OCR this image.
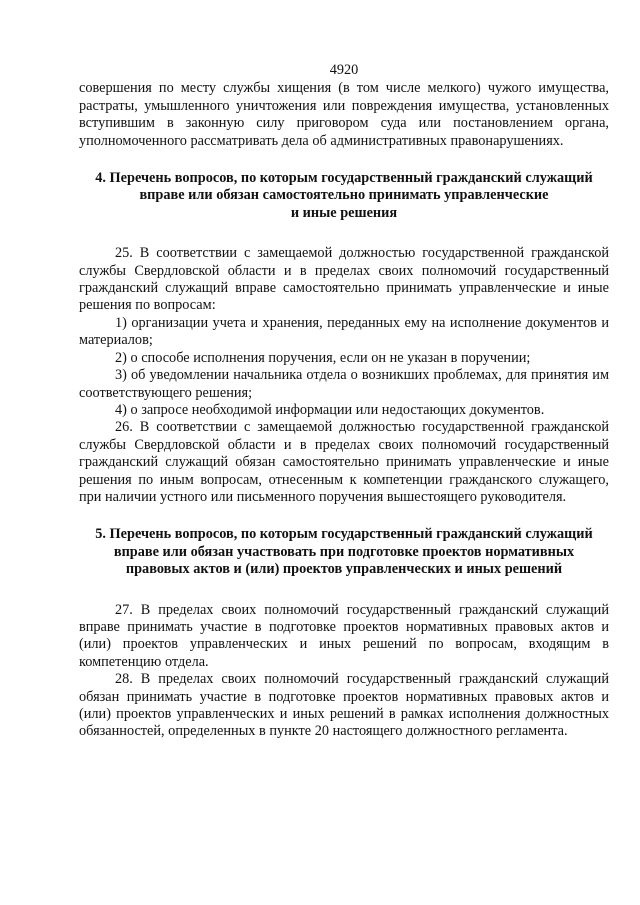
4920

совершения по месту службы хищения (в том числе мелкого) чужого имущества, растраты, умышленного уничтожения или повреждения имущества, установленных вступившим в законную силу приговором суда или постановлением органа, уполномоченного рассматривать дела об административных правонарушениях.

4. Перечень вопросов, по которым государственный гражданский служащий
вправе или обязан самостоятельно принимать управленческие
и иные решения

25. В соответствии с замещаемой должностью государственной гражданской службы Свердловской области и в пределах своих полномочий государственный гражданский служащий вправе самостоятельно принимать управленческие и иные решения по вопросам:

1) организации учета и хранения, переданных ему на исполнение документов и материалов;

2) о способе исполнения поручения, если он не указан в поручении;

3) об уведомлении начальника отдела о возникших проблемах, для принятия им соответствующего решения;

4) о запросе необходимой информации или недостающих документов.

26. В соответствии с замещаемой должностью государственной гражданской службы Свердловской области и в пределах своих полномочий государственный гражданский служащий обязан самостоятельно принимать управленческие и иные решения по иным вопросам, отнесенным к компетенции гражданского служащего, при наличии устного или письменного поручения вышестоящего руководителя.

5. Перечень вопросов, по которым государственный гражданский служащий
вправе или обязан участвовать при подготовке проектов нормативных
правовых актов и (или) проектов управленческих и иных решений

27. В пределах своих полномочий государственный гражданский служащий вправе принимать участие в подготовке проектов нормативных правовых актов и (или) проектов управленческих и иных решений по вопросам, входящим в компетенцию отдела.

28. В пределах своих полномочий государственный гражданский служащий обязан принимать участие в подготовке проектов нормативных правовых актов и (или) проектов управленческих и иных решений в рамках исполнения должностных обязанностей, определенных в пункте 20 настоящего должностного регламента.
